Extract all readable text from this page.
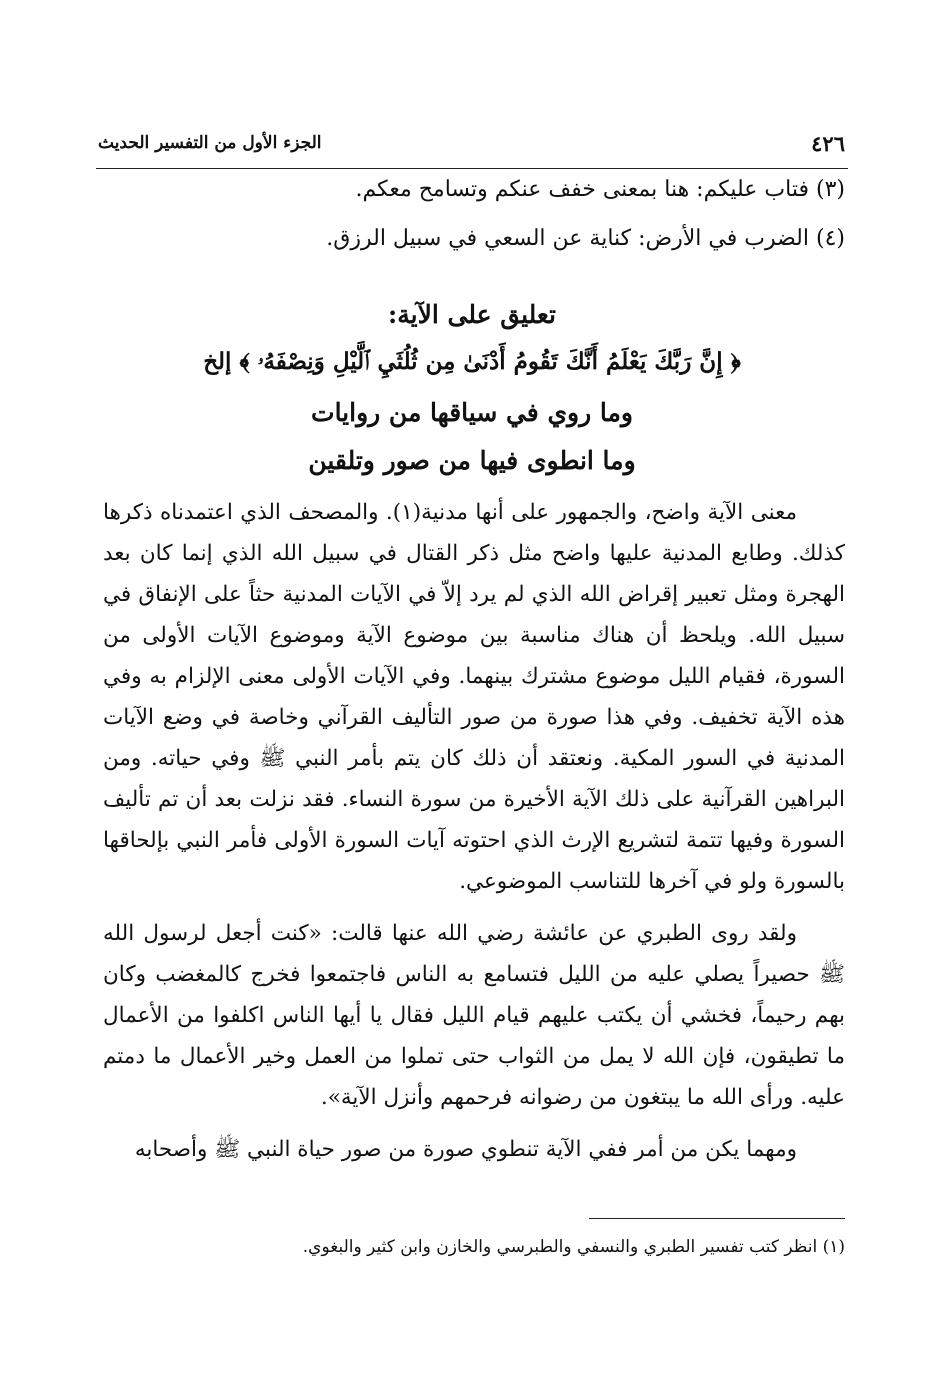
٤٢٦
الجزء الأول من التفسير الحديث
(٣) فتاب عليكم: هنا بمعنى خفف عنكم وتسامح معكم.
(٤) الضرب في الأرض: كناية عن السعي في سبيل الرزق.
تعليق على الآية:
﴿ إِنَّ رَبَّكَ يَعْلَمُ أَنَّكَ تَقُومُ أَدْنَىٰ مِن ثُلُثَيِ ٱلَّيْلِ وَنِصْفَهُۥ ﴾ إلخ
وما روي في سياقها من روايات
وما انطوى فيها من صور وتلقين

معنى الآية واضح، والجمهور على أنها مدنية(١). والمصحف الذي اعتمدناه ذكرها كذلك. وطابع المدنية عليها واضح مثل ذكر القتال في سبيل الله الذي إنما كان بعد الهجرة ومثل تعبير إقراض الله الذي لم يرد إلاّ في الآيات المدنية حثاً على الإنفاق في سبيل الله. ويلحظ أن هناك مناسبة بين موضوع الآية وموضوع الآيات الأولى من السورة، فقيام الليل موضوع مشترك بينهما. وفي الآيات الأولى معنى الإلزام به وفي هذه الآية تخفيف. وفي هذا صورة من صور التأليف القرآني وخاصة في وضع الآيات المدنية في السور المكية. ونعتقد أن ذلك كان يتم بأمر النبي ﷺ وفي حياته. ومن البراهين القرآنية على ذلك الآية الأخيرة من سورة النساء. فقد نزلت بعد أن تم تأليف السورة وفيها تتمة لتشريع الإرث الذي احتوته آيات السورة الأولى فأمر النبي بإلحاقها بالسورة ولو في آخرها للتناسب الموضوعي.

ولقد روى الطبري عن عائشة رضي الله عنها قالت: «كنت أجعل لرسول الله ﷺ حصيراً يصلي عليه من الليل فتسامع به الناس فاجتمعوا فخرج كالمغضب وكان بهم رحيماً، فخشي أن يكتب عليهم قيام الليل فقال يا أيها الناس اكلفوا من الأعمال ما تطيقون، فإن الله لا يمل من الثواب حتى تملوا من العمل وخير الأعمال ما دمتم عليه. ورأى الله ما يبتغون من رضوانه فرحمهم وأنزل الآية».

ومهما يكن من أمر ففي الآية تنطوي صورة من صور حياة النبي ﷺ وأصحابه

(١) انظر كتب تفسير الطبري والنسفي والطبرسي والخازن وابن كثير والبغوي.
